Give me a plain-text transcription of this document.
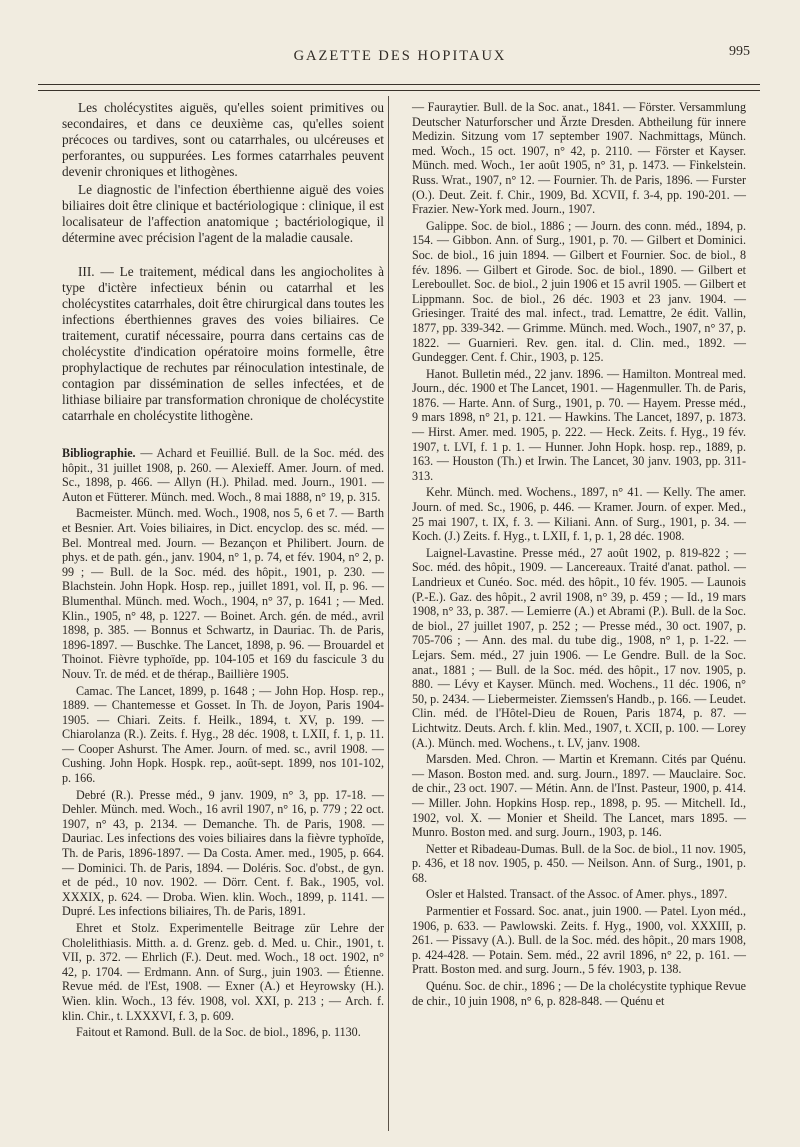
GAZETTE DES HOPITAUX	995

Les cholécystites aiguës, qu'elles soient primitives ou secondaires, et dans ce deuxième cas, qu'elles soient précoces ou tardives, sont ou catarrhales, ou ulcéreuses et perforantes, ou suppurées. Les formes catarrhales peuvent devenir chroniques et lithogènes.

Le diagnostic de l'infection éberthienne aiguë des voies biliaires doit être clinique et bactériologique : clinique, il est localisateur de l'affection anatomique ; bactériologique, il détermine avec précision l'agent de la maladie causale.

III. — Le traitement, médical dans les angiocholites à type d'ictère infectieux bénin ou catarrhal et les cholécystites catarrhales, doit être chirurgical dans toutes les infections éberthiennes graves des voies biliaires. Ce traitement, curatif nécessaire, pourra dans certains cas de cholécystite d'indication opératoire moins formelle, être prophylactique de rechutes par réinoculation intestinale, de contagion par dissémination de selles infectées, et de lithiase biliaire par transformation chronique de cholécystite catarrhale en cholécystite lithogène.

Bibliographie. — Achard et Feuillié. Bull. de la Soc. méd. des hôpit., 31 juillet 1908, p. 260. — Alexieff. Amer. Journ. of med. Sc., 1898, p. 466. — Allyn (H.). Philad. med. Journ., 1901. — Auton et Fütterer. Münch. med. Woch., 8 mai 1888, n° 19, p. 315.

Bacmeister. Münch. med. Woch., 1908, nos 5, 6 et 7. — Barth et Besnier. Art. Voies biliaires, in Dict. encyclop. des sc. méd. — Bel. Montreal med. Journ. — Bezançon et Philibert. Journ. de phys. et de path. gén., janv. 1904, n° 1, p. 74, et fév. 1904, n° 2, p. 99 ; — Bull. de la Soc. méd. des hôpit., 1901, p. 230. — Blachstein. John Hopk. Hosp. rep., juillet 1891, vol. II, p. 96. — Blumenthal. Münch. med. Woch., 1904, n° 37, p. 1641 ; — Med. Klin., 1905, n° 48, p. 1227. — Boinet. Arch. gén. de méd., avril 1898, p. 385. — Bonnus et Schwartz, in Dauriac. Th. de Paris, 1896-1897. — Buschke. The Lancet, 1898, p. 96. — Brouardel et Thoinot. Fièvre typhoïde, pp. 104-105 et 169 du fascicule 3 du Nouv. Tr. de méd. et de thérap., Baillière 1905.

Camac. The Lancet, 1899, p. 1648 ; — John Hop. Hosp. rep., 1889. — Chantemesse et Gosset. In Th. de Joyon, Paris 1904-1905. — Chiari. Zeits. f. Heilk., 1894, t. XV, p. 199. — Chiarolanza (R.). Zeits. f. Hyg., 28 déc. 1908, t. LXII, f. 1, p. 11. — Cooper Ashurst. The Amer. Journ. of med. sc., avril 1908. — Cushing. John Hopk. Hospk. rep., août-sept. 1899, nos 101-102, p. 166.

Debré (R.). Presse méd., 9 janv. 1909, n° 3, pp. 17-18. — Dehler. Münch. med. Woch., 16 avril 1907, n° 16, p. 779 ; 22 oct. 1907, n° 43, p. 2134. — Demanche. Th. de Paris, 1908. — Dauriac. Les infections des voies biliaires dans la fièvre typhoïde, Th. de Paris, 1896-1897. — Da Costa. Amer. med., 1905, p. 664. — Dominici. Th. de Paris, 1894. — Doléris. Soc. d'obst., de gyn. et de péd., 10 nov. 1902. — Dörr. Cent. f. Bak., 1905, vol. XXXIX, p. 624. — Droba. Wien. klin. Woch., 1899, p. 1141. — Dupré. Les infections biliaires, Th. de Paris, 1891.

Ehret et Stolz. Experimentelle Beitrage zür Lehre der Cholelithiasis. Mitth. a. d. Grenz. geb. d. Med. u. Chir., 1901, t. VII, p. 372. — Ehrlich (F.). Deut. med. Woch., 18 oct. 1902, n° 42, p. 1704. — Erdmann. Ann. of Surg., juin 1903. — Étienne. Revue méd. de l'Est, 1908. — Exner (A.) et Heyrowsky (H.). Wien. klin. Woch., 13 fév. 1908, vol. XXI, p. 213 ; — Arch. f. klin. Chir., t. LXXXVI, f. 3, p. 609.

Faitout et Ramond. Bull. de la Soc. de biol., 1896, p. 1130.

— Fauraytier. Bull. de la Soc. anat., 1841. — Förster. Versammlung Deutscher Naturforscher und Ärzte Dresden. Abtheilung für innere Medizin. Sitzung vom 17 september 1907. Nachmittags, Münch. med. Woch., 15 oct. 1907, n° 42, p. 2110. — Förster et Kayser. Münch. med. Woch., 1er août 1905, n° 31, p. 1473. — Finkelstein. Russ. Wrat., 1907, n° 12. — Fournier. Th. de Paris, 1896. — Furster (O.). Deut. Zeit. f. Chir., 1909, Bd. XCVII, f. 3-4, pp. 190-201. — Frazier. New-York med. Journ., 1907.

Galippe. Soc. de biol., 1886 ; — Journ. des conn. méd., 1894, p. 154. — Gibbon. Ann. of Surg., 1901, p. 70. — Gilbert et Dominici. Soc. de biol., 16 juin 1894. — Gilbert et Fournier. Soc. de biol., 8 fév. 1896. — Gilbert et Girode. Soc. de biol., 1890. — Gilbert et Lereboullet. Soc. de biol., 2 juin 1906 et 15 avril 1905. — Gilbert et Lippmann. Soc. de biol., 26 déc. 1903 et 23 janv. 1904. — Griesinger. Traité des mal. infect., trad. Lemattre, 2e édit. Vallin, 1877, pp. 339-342. — Grimme. Münch. med. Woch., 1907, n° 37, p. 1822. — Guarnieri. Rev. gen. ital. d. Clin. med., 1892. — Gundegger. Cent. f. Chir., 1903, p. 125.

Hanot. Bulletin méd., 22 janv. 1896. — Hamilton. Montreal med. Journ., déc. 1900 et The Lancet, 1901. — Hagenmuller. Th. de Paris, 1876. — Harte. Ann. of Surg., 1901, p. 70. — Hayem. Presse méd., 9 mars 1898, n° 21, p. 121. — Hawkins. The Lancet, 1897, p. 1873. — Hirst. Amer. med. 1905, p. 222. — Heck. Zeits. f. Hyg., 19 fév. 1907, t. LVI, f. 1 p. 1. — Hunner. John Hopk. hosp. rep., 1889, p. 163. — Houston (Th.) et Irwin. The Lancet, 30 janv. 1903, pp. 311-313.

Kehr. Münch. med. Wochens., 1897, n° 41. — Kelly. The amer. Journ. of med. Sc., 1906, p. 446. — Kramer. Journ. of exper. Med., 25 mai 1907, t. IX, f. 3. — Kiliani. Ann. of Surg., 1901, p. 34. — Koch. (J.) Zeits. f. Hyg., t. LXII, f. 1, p. 1, 28 déc. 1908.

Laignel-Lavastine. Presse méd., 27 août 1902, p. 819-822 ; — Soc. méd. des hôpit., 1909. — Lancereaux. Traité d'anat. pathol. — Landrieux et Cunéo. Soc. méd. des hôpit., 10 fév. 1905. — Launois (P.-E.). Gaz. des hôpit., 2 avril 1908, n° 39, p. 459 ; — Id., 19 mars 1908, n° 33, p. 387. — Lemierre (A.) et Abrami (P.). Bull. de la Soc. de biol., 27 juillet 1907, p. 252 ; — Presse méd., 30 oct. 1907, p. 705-706 ; — Ann. des mal. du tube dig., 1908, n° 1, p. 1-22. — Lejars. Sem. méd., 27 juin 1906. — Le Gendre. Bull. de la Soc. anat., 1881 ; — Bull. de la Soc. méd. des hôpit., 17 nov. 1905, p. 880. — Lévy et Kayser. Münch. med. Wochens., 11 déc. 1906, n° 50, p. 2434. — Liebermeister. Ziemssen's Handb., p. 166. — Leudet. Clin. méd. de l'Hôtel-Dieu de Rouen, Paris 1874, p. 87. — Lichtwitz. Deuts. Arch. f. klin. Med., 1907, t. XCII, p. 100. — Lorey (A.). Münch. med. Wochens., t. LV, janv. 1908.

Marsden. Med. Chron. — Martin et Kremann. Cités par Quénu. — Mason. Boston med. and. surg. Journ., 1897. — Mauclaire. Soc. de chir., 23 oct. 1907. — Métin. Ann. de l'Inst. Pasteur, 1900, p. 414. — Miller. John. Hopkins Hosp. rep., 1898, p. 95. — Mitchell. Id., 1902, vol. X. — Monier et Sheild. The Lancet, mars 1895. — Munro. Boston med. and surg. Journ., 1903, p. 146.

Netter et Ribadeau-Dumas. Bull. de la Soc. de biol., 11 nov. 1905, p. 436, et 18 nov. 1905, p. 450. — Neilson. Ann. of Surg., 1901, p. 68.

Osler et Halsted. Transact. of the Assoc. of Amer. phys., 1897.

Parmentier et Fossard. Soc. anat., juin 1900. — Patel. Lyon méd., 1906, p. 633. — Pawlowski. Zeits. f. Hyg., 1900, vol. XXXIII, p. 261. — Pissavy (A.). Bull. de la Soc. méd. des hôpit., 20 mars 1908, p. 424-428. — Potain. Sem. méd., 22 avril 1896, n° 22, p. 161. — Pratt. Boston med. and surg. Journ., 5 fév. 1903, p. 138.

Quénu. Soc. de chir., 1896 ; — De la cholécystite typhique Revue de chir., 10 juin 1908, n° 6, p. 828-848. — Quénu et
